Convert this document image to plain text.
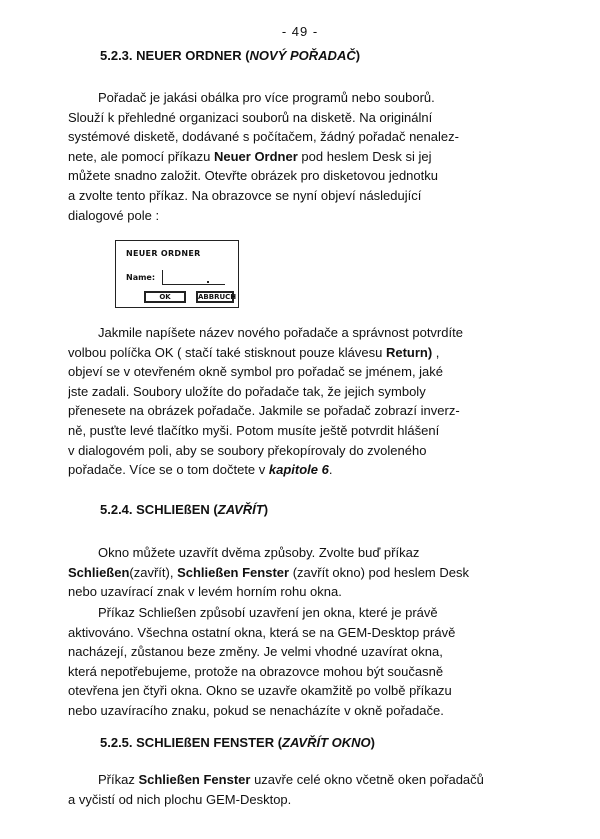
- 49 -
5.2.3. NEUER ORDNER (NOVÝ POŘADAČ)

Pořadač je jakási obálka pro více programů nebo souborů.
Slouží k přehledné organizaci souborů na disketě. Na originální
systémové disketě, dodávané s počítačem, žádný pořadač nenalez-
nete, ale pomocí příkazu Neuer Ordner pod heslem Desk si jej
můžete snadno založit. Otevřte obrázek pro disketovou jednotku
a zvolte tento příkaz. Na obrazovce se nyní objeví následující
dialogové pole :

NEUER ORDNER
Name:
OK	ABBRUCH

Jakmile napíšete název nového pořadače a správnost potvrdíte
volbou políčka OK ( stačí také stisknout pouze klávesu Return) ,
objeví se v otevřeném okně symbol pro pořadač se jménem, jaké
jste zadali. Soubory uložíte do pořadače tak, že jejich symboly
přenesete na obrázek pořadače. Jakmile se pořadač zobrazí inverz-
ně, pusťte levé tlačítko myši. Potom musíte ještě potvrdit hlášení
v dialogovém poli, aby se soubory překopírovaly do zvoleného
pořadače. Více se o tom dočtete v kapitole 6.

5.2.4. SCHLIEßEN (ZAVŘÍT)

Okno můžete uzavřít dvěma způsoby. Zvolte buď příkaz
Schließen(zavřít), Schließen Fenster (zavřít okno) pod heslem Desk
nebo uzavírací znak v levém horním rohu okna.

Příkaz Schließen způsobí uzavření jen okna, které je právě
aktivováno. Všechna ostatní okna, která se na GEM-Desktop právě
nacházejí, zůstanou beze změny. Je velmi vhodné uzavírat okna,
která nepotřebujeme, protože na obrazovce mohou být současně
otevřena jen čtyři okna. Okno se uzavře okamžitě po volbě příkazu
nebo uzavíracího znaku, pokud se nenacházíte v okně pořadače.

5.2.5. SCHLIEßEN FENSTER (ZAVŘÍT OKNO)

Příkaz Schließen Fenster uzavře celé okno včetně oken pořadačů
a vyčistí od nich plochu GEM-Desktop.
